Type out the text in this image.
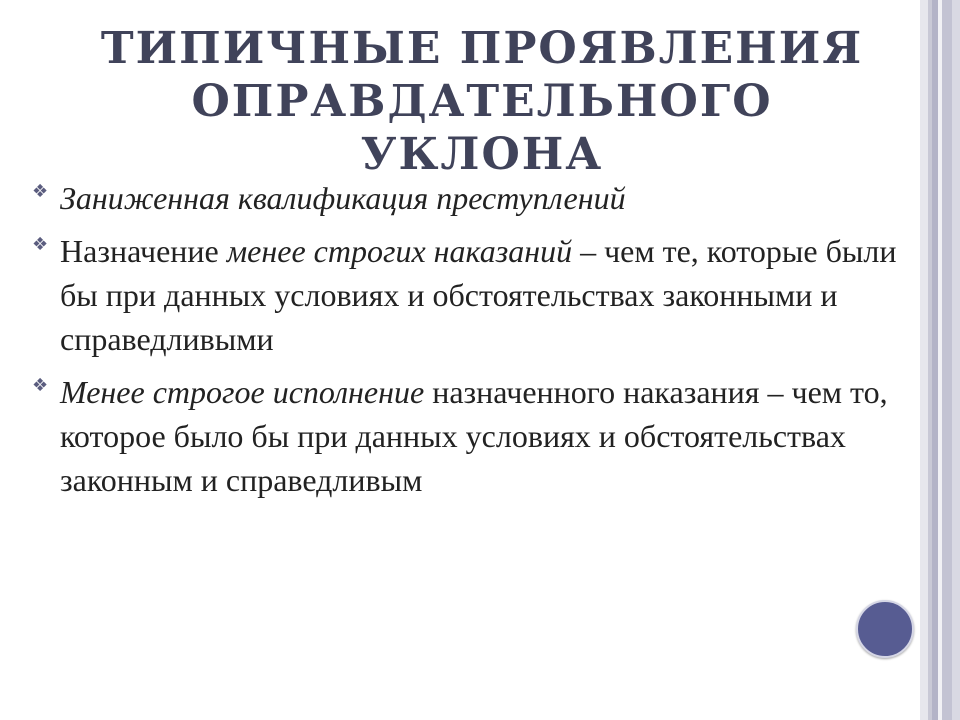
ТИПИЧНЫЕ ПРОЯВЛЕНИЯ
ОПРАВДАТЕЛЬНОГО УКЛОНА
❖ Заниженная квалификация преступлений
❖ Назначение менее строгих наказаний – чем те, которые были бы при данных условиях и обстоятельствах законными и справедливыми
❖ Менее строгое исполнение назначенного наказания – чем то, которое было бы при данных условиях и обстоятельствах законным и справедливым
